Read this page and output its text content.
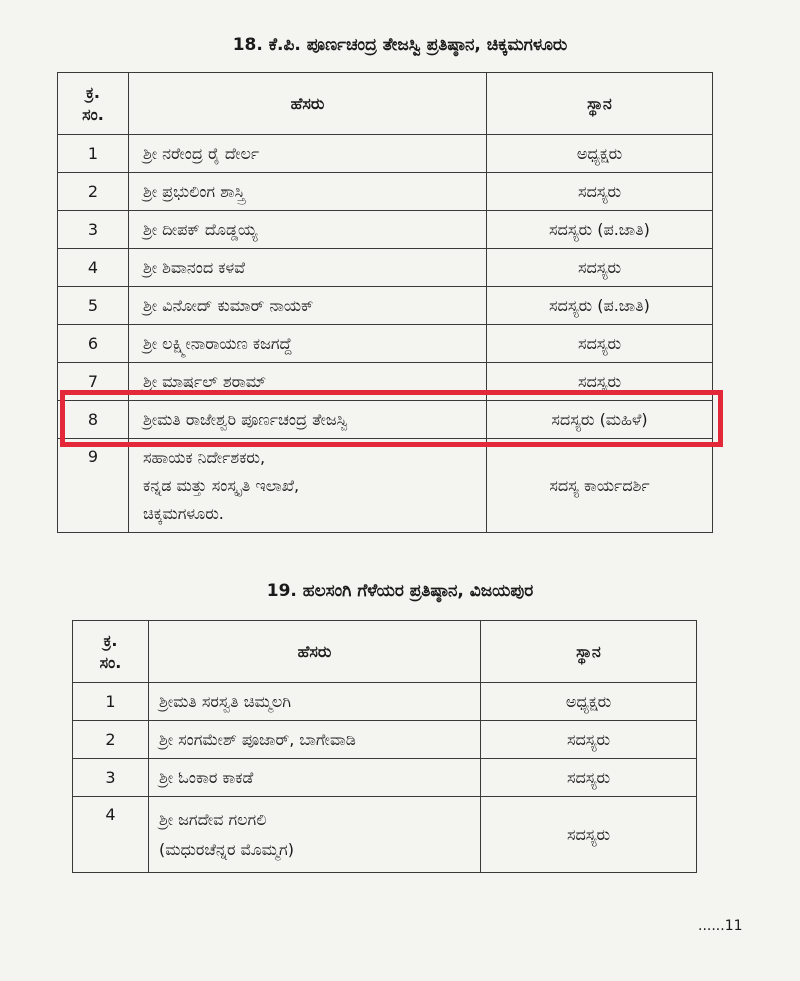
18. ಕೆ.ಪಿ. ಪೂರ್ಣಚಂದ್ರ ತೇಜಸ್ವಿ ಪ್ರತಿಷ್ಠಾನ, ಚಿಕ್ಕಮಗಳೂರು
ಕ್ರ.
ಸಂ.	ಹೆಸರು	ಸ್ಥಾನ
1	ಶ್ರೀ ನರೇಂದ್ರ ರೈ ದೇರ್ಲ	ಅಧ್ಯಕ್ಷರು
2	ಶ್ರೀ ಪ್ರಭುಲಿಂಗ ಶಾಸ್ತ್ರಿ	ಸದಸ್ಯರು
3	ಶ್ರೀ ದೀಪಕ್ ದೊಡ್ಡಯ್ಯ	ಸದಸ್ಯರು (ಪ.ಜಾತಿ)
4	ಶ್ರೀ ಶಿವಾನಂದ ಕಳವೆ	ಸದಸ್ಯರು
5	ಶ್ರೀ ವಿನೋದ್ ಕುಮಾರ್ ನಾಯಕ್	ಸದಸ್ಯರು (ಪ.ಜಾತಿ)
6	ಶ್ರೀ ಲಕ್ಷ್ಮೀನಾರಾಯಣ ಕಜಗದ್ದೆ	ಸದಸ್ಯರು
7	ಶ್ರೀ ಮಾರ್ಷಲ್ ಶರಾಮ್	ಸದಸ್ಯರು
8	ಶ್ರೀಮತಿ ರಾಜೇಶ್ವರಿ ಪೂರ್ಣಚಂದ್ರ ತೇಜಸ್ವಿ	ಸದಸ್ಯರು (ಮಹಿಳೆ)
9	ಸಹಾಯಕ ನಿರ್ದೇಶಕರು,
ಕನ್ನಡ ಮತ್ತು ಸಂಸ್ಕೃತಿ ಇಲಾಖೆ,
ಚಿಕ್ಕಮಗಳೂರು.	ಸದಸ್ಯ ಕಾರ್ಯದರ್ಶಿ
19. ಹಲಸಂಗಿ ಗೆಳೆಯರ ಪ್ರತಿಷ್ಠಾನ, ವಿಜಯಪುರ
ಕ್ರ.
ಸಂ.	ಹೆಸರು	ಸ್ಥಾನ
1	ಶ್ರೀಮತಿ ಸರಸ್ವತಿ ಚಿಮ್ಮಲಗಿ	ಅಧ್ಯಕ್ಷರು
2	ಶ್ರೀ ಸಂಗಮೇಶ್ ಪೂಜಾರ್, ಬಾಗೇವಾಡಿ	ಸದಸ್ಯರು
3	ಶ್ರೀ ಓಂಕಾರ ಕಾಕಡೆ	ಸದಸ್ಯರು
4	ಶ್ರೀ ಜಗದೇವ ಗಲಗಲಿ
(ಮಧುರಚೆನ್ನರ ಮೊಮ್ಮಗ)	ಸದಸ್ಯರು
......11
